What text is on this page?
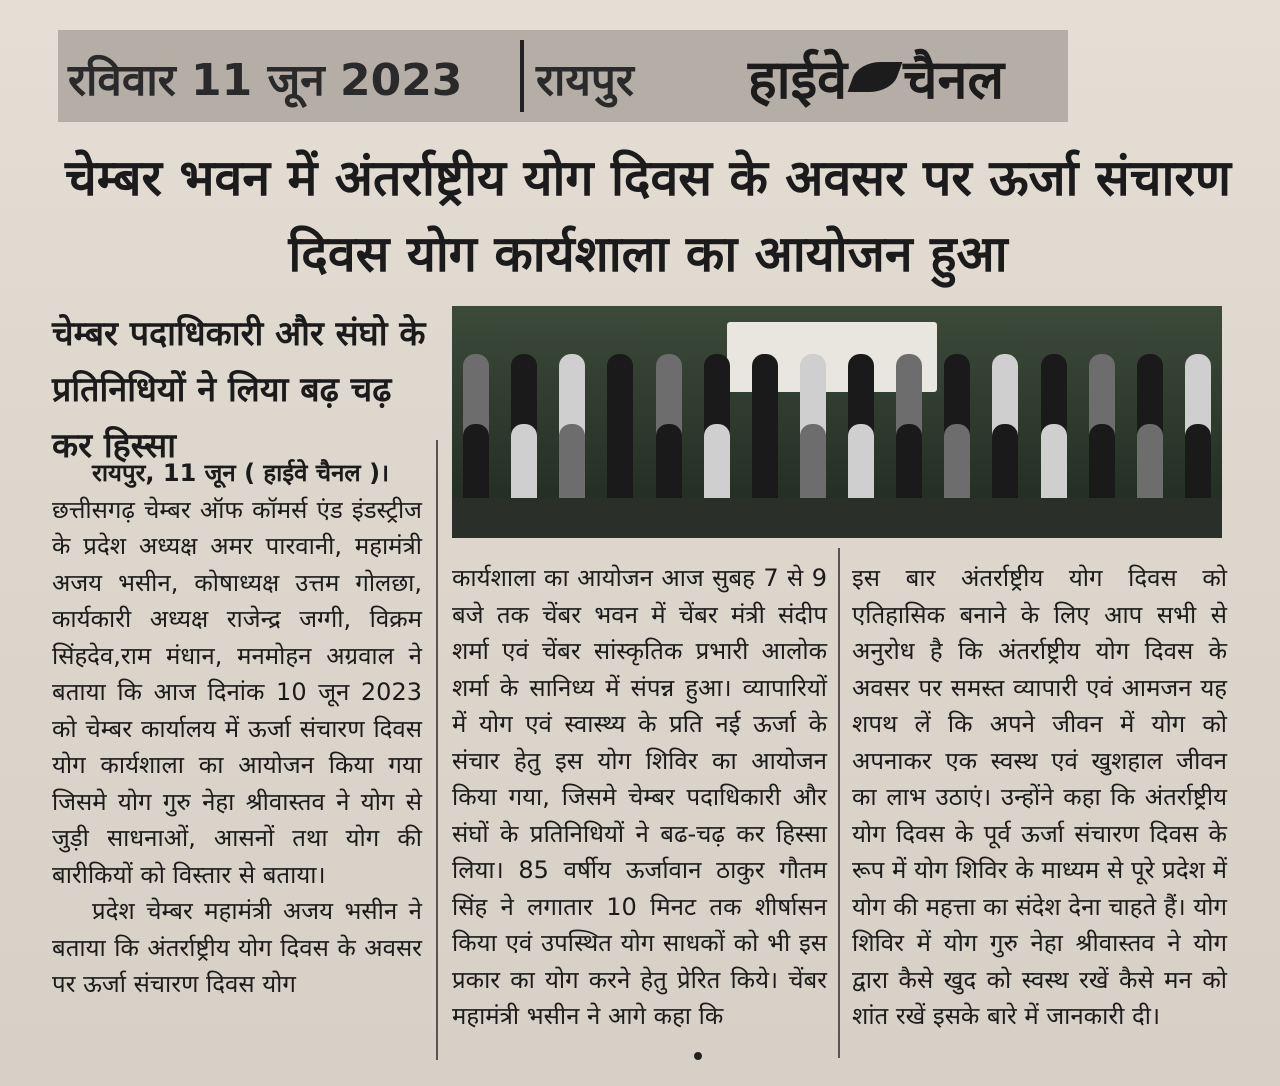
रविवार 11 जून 2023 रायपुर हाईवे चैनल
चेम्बर भवन में अंतर्राष्ट्रीय योग दिवस के अवसर पर ऊर्जा संचारण दिवस योग कार्यशाला का आयोजन हुआ
चेम्बर पदाधिकारी और संघो के प्रतिनिधियों ने लिया बढ़ चढ़ कर हिस्सा

रायपुर, 11 जून ( हाईवे चैनल )।

छत्तीसगढ़ चेम्बर ऑफ कॉमर्स एंड इंडस्ट्रीज के प्रदेश अध्यक्ष अमर पारवानी, महामंत्री अजय भसीन, कोषाध्यक्ष उत्तम गोलछा, कार्यकारी अध्यक्ष राजेन्द्र जग्गी, विक्रम सिंहदेव,राम मंधान, मनमोहन अग्रवाल ने बताया कि आज दिनांक 10 जून 2023 को चेम्बर कार्यालय में ऊर्जा संचारण दिवस योग कार्यशाला का आयोजन किया गया जिसमे योग गुरु नेहा श्रीवास्तव ने योग से जुड़ी साधनाओं, आसनों तथा योग की बारीकियों को विस्तार से बताया।

प्रदेश चेम्बर महामंत्री अजय भसीन ने बताया कि अंतर्राष्ट्रीय योग दिवस के अवसर पर ऊर्जा संचारण दिवस योग

कार्यशाला का आयोजन आज सुबह 7 से 9 बजे तक चेंबर भवन में चेंबर मंत्री संदीप शर्मा एवं चेंबर सांस्कृतिक प्रभारी आलोक शर्मा के सानिध्य में संपन्न हुआ। व्यापारियों में योग एवं स्वास्थ्य के प्रति नई ऊर्जा के संचार हेतु इस योग शिविर का आयोजन किया गया, जिसमे चेम्बर पदाधिकारी और संघों के प्रतिनिधियों ने बढ-चढ़ कर हिस्सा लिया। 85 वर्षीय ऊर्जावान ठाकुर गौतम सिंह ने लगातार 10 मिनट तक शीर्षासन किया एवं उपस्थित योग साधकों को भी इस प्रकार का योग करने हेतु प्रेरित किये। चेंबर महामंत्री भसीन ने आगे कहा कि

इस बार अंतर्राष्ट्रीय योग दिवस को एतिहासिक बनाने के लिए आप सभी से अनुरोध है कि अंतर्राष्ट्रीय योग दिवस के अवसर पर समस्त व्यापारी एवं आमजन यह शपथ लें कि अपने जीवन में योग को अपनाकर एक स्वस्थ एवं खुशहाल जीवन का लाभ उठाएं। उन्होंने कहा कि अंतर्राष्ट्रीय योग दिवस के पूर्व ऊर्जा संचारण दिवस के रूप में योग शिविर के माध्यम से पूरे प्रदेश में योग की महत्ता का संदेश देना चाहते हैं। योग शिविर में योग गुरु नेहा श्रीवास्तव ने योग द्वारा कैसे खुद को स्वस्थ रखें कैसे मन को शांत रखें इसके बारे में जानकारी दी।
